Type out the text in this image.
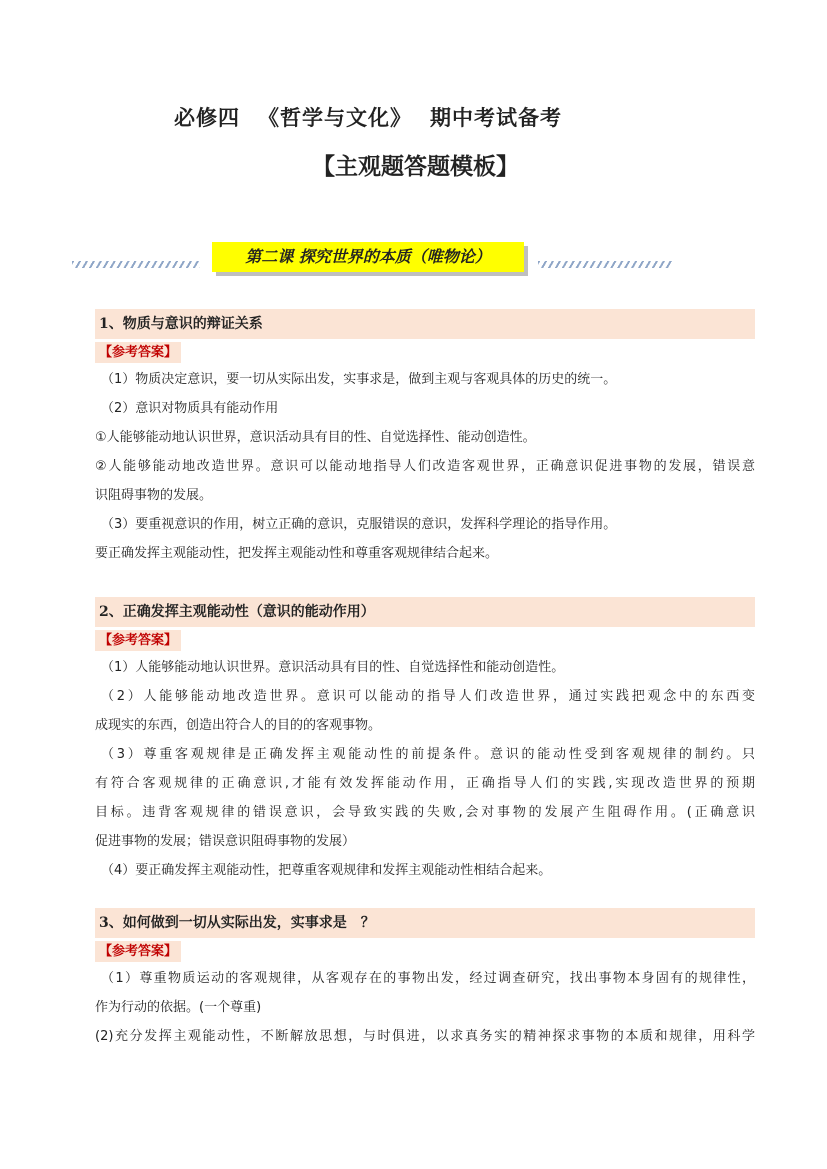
必修四 《哲学与文化》 期中考试备考
【主观题答题模板】
第二课 探究世界的本质（唯物论）
1、物质与意识的辩证关系
【参考答案】
（1）物质决定意识，要一切从实际出发，实事求是，做到主观与客观具体的历史的统一。
（2）意识对物质具有能动作用
①人能够能动地认识世界，意识活动具有目的性、自觉选择性、能动创造性。
②人能够能动地改造世界。意识可以能动地指导人们改造客观世界，正确意识促进事物的发展，错误意
识阻碍事物的发展。
（3）要重视意识的作用，树立正确的意识，克服错误的意识，发挥科学理论的指导作用。
要正确发挥主观能动性，把发挥主观能动性和尊重客观规律结合起来。
2、正确发挥主观能动性（意识的能动作用）
【参考答案】
（1）人能够能动地认识世界。意识活动具有目的性、自觉选择性和能动创造性。
（2）人能够能动地改造世界。意识可以能动的指导人们改造世界，通过实践把观念中的东西变
成现实的东西，创造出符合人的目的的客观事物。
（3）尊重客观规律是正确发挥主观能动性的前提条件。意识的能动性受到客观规律的制约。只
有符合客观规律的正确意识,才能有效发挥能动作用，正确指导人们的实践,实现改造世界的预期
目标。违背客观规律的错误意识，会导致实践的失败,会对事物的发展产生阻碍作用。(正确意识
促进事物的发展；错误意识阻碍事物的发展）
（4）要正确发挥主观能动性，把尊重客观规律和发挥主观能动性相结合起来。
3、如何做到一切从实际出发，实事求是　？
【参考答案】
（1）尊重物质运动的客观规律，从客观存在的事物出发，经过调查研究，找出事物本身固有的规律性，
作为行动的依据。(一个尊重)
(2)充分发挥主观能动性，不断解放思想，与时俱进，以求真务实的精神探求事物的本质和规律，用科学
